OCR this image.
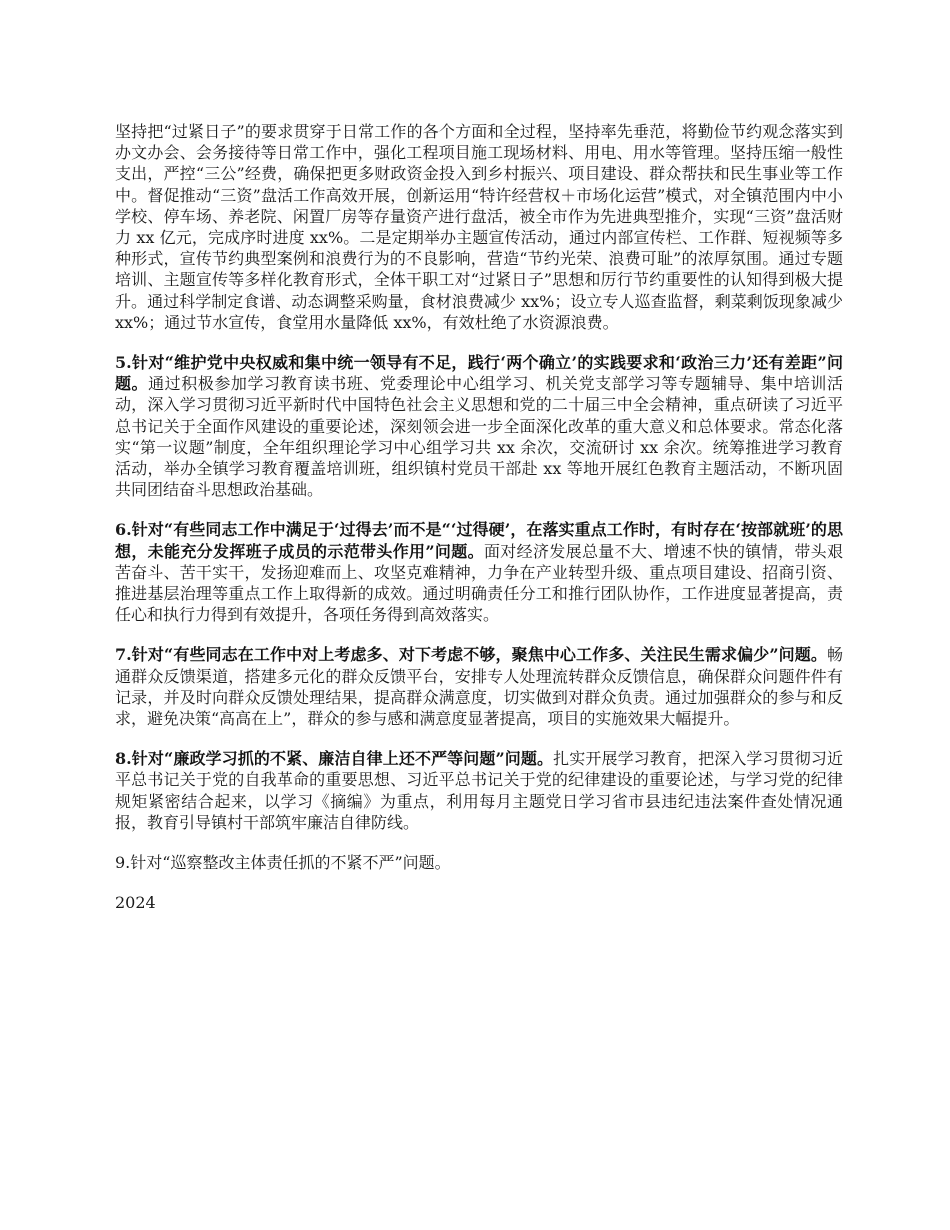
坚持把“过紧日子”的要求贯穿于日常工作的各个方面和全过程，坚持率先垂范，将勤俭节约观念落实到办文办会、会务接待等日常工作中，强化工程项目施工现场材料、用电、用水等管理。坚持压缩一般性支出，严控“三公”经费，确保把更多财政资金投入到乡村振兴、项目建设、群众帮扶和民生事业等工作中。督促推动“三资”盘活工作高效开展，创新运用“特许经营权＋市场化运营”模式，对全镇范围内中小学校、停车场、养老院、闲置厂房等存量资产进行盘活，被全市作为先进典型推介，实现“三资”盘活财力 xx 亿元，完成序时进度 xx%。二是定期举办主题宣传活动，通过内部宣传栏、工作群、短视频等多种形式，宣传节约典型案例和浪费行为的不良影响，营造“节约光荣、浪费可耻”的浓厚氛围。通过专题培训、主题宣传等多样化教育形式，全体干职工对“过紧日子”思想和厉行节约重要性的认知得到极大提升。通过科学制定食谱、动态调整采购量，食材浪费减少 xx%；设立专人巡查监督，剩菜剩饭现象减少 xx%；通过节水宣传，食堂用水量降低 xx%，有效杜绝了水资源浪费。

5.针对“维护党中央权威和集中统一领导有不足，践行‘两个确立’的实践要求和‘政治三力’还有差距”问题。通过积极参加学习教育读书班、党委理论中心组学习、机关党支部学习等专题辅导、集中培训活动，深入学习贯彻习近平新时代中国特色社会主义思想和党的二十届三中全会精神，重点研读了习近平总书记关于全面作风建设的重要论述，深刻领会进一步全面深化改革的重大意义和总体要求。常态化落实“第一议题”制度，全年组织理论学习中心组学习共 xx 余次，交流研讨 xx 余次。统筹推进学习教育活动，举办全镇学习教育覆盖培训班，组织镇村党员干部赴 xx 等地开展红色教育主题活动，不断巩固共同团结奋斗思想政治基础。

6.针对“有些同志工作中满足于‘过得去’而不是“‘过得硬’，在落实重点工作时，有时存在‘按部就班’的思想，未能充分发挥班子成员的示范带头作用”问题。面对经济发展总量不大、增速不快的镇情，带头艰苦奋斗、苦干实干，发扬迎难而上、攻坚克难精神，力争在产业转型升级、重点项目建设、招商引资、推进基层治理等重点工作上取得新的成效。通过明确责任分工和推行团队协作，工作进度显著提高，责任心和执行力得到有效提升，各项任务得到高效落实。

7.针对“有些同志在工作中对上考虑多、对下考虑不够，聚焦中心工作多、关注民生需求偏少”问题。畅通群众反馈渠道，搭建多元化的群众反馈平台，安排专人处理流转群众反馈信息，确保群众问题件件有记录，并及时向群众反馈处理结果，提高群众满意度，切实做到对群众负责。通过加强群众的参与和反求，避免决策“高高在上”，群众的参与感和满意度显著提高，项目的实施效果大幅提升。

8.针对“廉政学习抓的不紧、廉洁自律上还不严等问题”问题。扎实开展学习教育，把深入学习贯彻习近平总书记关于党的自我革命的重要思想、习近平总书记关于党的纪律建设的重要论述，与学习党的纪律规矩紧密结合起来，以学习《摘编》为重点，利用每月主题党日学习省市县违纪违法案件查处情况通报，教育引导镇村干部筑牢廉洁自律防线。

9.针对“巡察整改主体责任抓的不紧不严”问题。

2024
